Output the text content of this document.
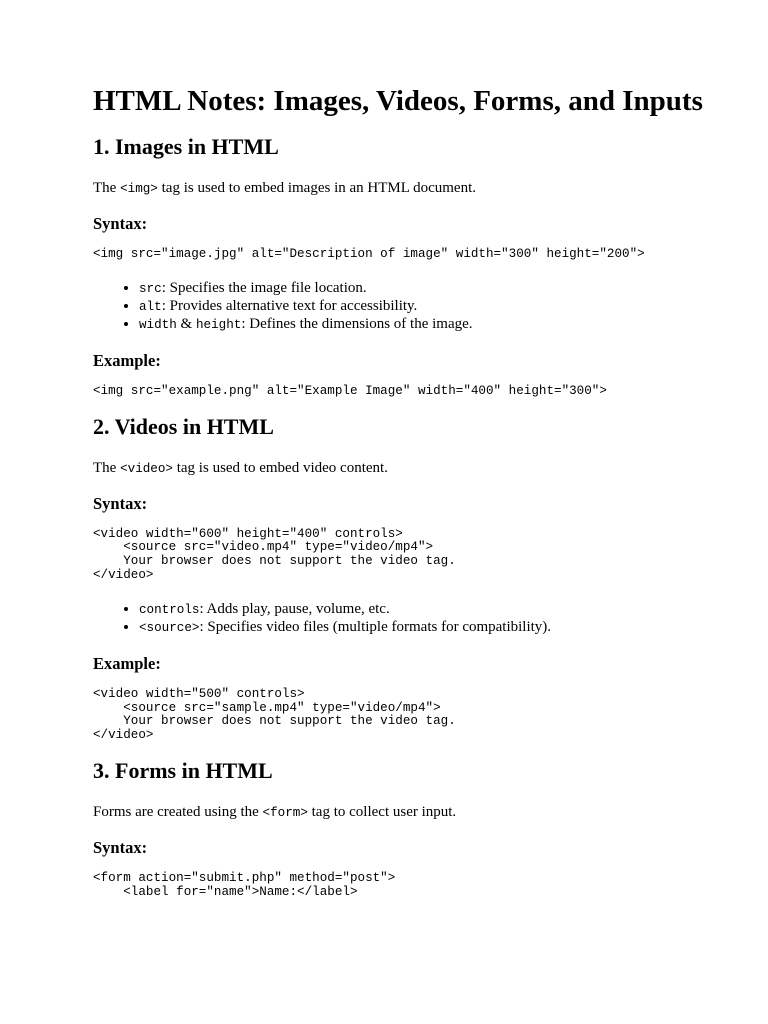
HTML Notes: Images, Videos, Forms, and Inputs
1. Images in HTML

The <img> tag is used to embed images in an HTML document.

Syntax:
<img src="image.jpg" alt="Description of image" width="300" height="200">
• src: Specifies the image file location.
• alt: Provides alternative text for accessibility.
• width & height: Defines the dimensions of the image.
Example:
<img src="example.png" alt="Example Image" width="400" height="300">
2. Videos in HTML

The <video> tag is used to embed video content.

Syntax:
<video width="600" height="400" controls>
<source src="video.mp4" type="video/mp4">
Your browser does not support the video tag.
</video>
• controls: Adds play, pause, volume, etc.
• <source>: Specifies video files (multiple formats for compatibility).
Example:
<video width="500" controls>
<source src="sample.mp4" type="video/mp4">
Your browser does not support the video tag.
</video>
3. Forms in HTML

Forms are created using the <form> tag to collect user input.

Syntax:
<form action="submit.php" method="post">
<label for="name">Name:</label>
